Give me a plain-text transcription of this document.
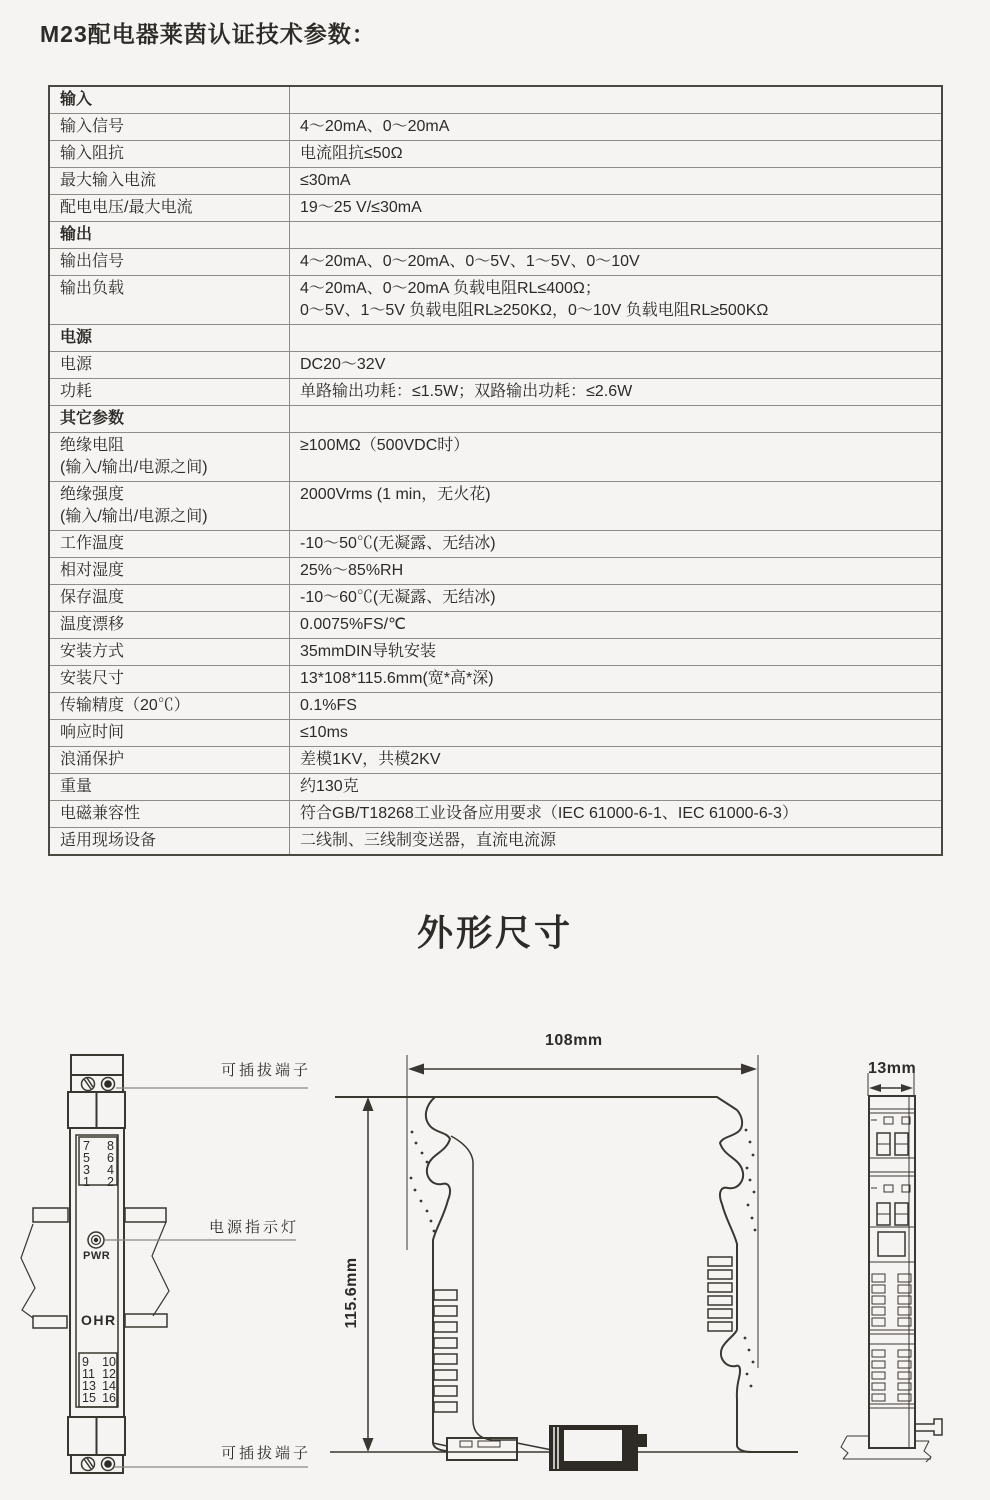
M23配电器莱茵认证技术参数：
输入	

输入信号	4～20mA、0～20mA

输入阻抗	电流阻抗≤50Ω

最大输入电流	≤30mA

配电电压/最大电流	19～25 V/≤30mA

输出	

输出信号	4～20mA、0～20mA、0～5V、1～5V、0～10V

输出负载	4～20mA、0～20mA 负载电阻RL≤400Ω；
0～5V、1～5V 负载电阻RL≥250KΩ，0～10V 负载电阻RL≥500KΩ

电源	

电源	DC20～32V

功耗	单路输出功耗：≤1.5W；双路输出功耗：≤2.6W

其它参数	

绝缘电阻
(输入/输出/电源之间)	≥100MΩ（500VDC时）

绝缘强度
(输入/输出/电源之间)	2000Vrms (1 min，无火花)

工作温度	-10～50℃(无凝露、无结冰)

相对湿度	25%～85%RH

保存温度	-10～60℃(无凝露、无结冰)

温度漂移	0.0075%FS/℃

安装方式	35mmDIN导轨安装

安装尺寸	13*108*115.6mm(宽*高*深)

传输精度（20℃）	0.1%FS

响应时间	≤10ms

浪涌保护	差模1KV，共模2KV

重量	约130克

电磁兼容性	符合GB/T18268工业设备应用要求（IEC 61000-6-1、IEC 61000-6-3）

适用现场设备	二线制、三线制变送器，直流电流源
外形尺寸
可插拔端子
电源指示灯
可插拔端子
7 8
5 6
3 4
1 2
9 10
11 12
13 14
15 16
PWR
OHR
108mm
115.6mm
13mm
